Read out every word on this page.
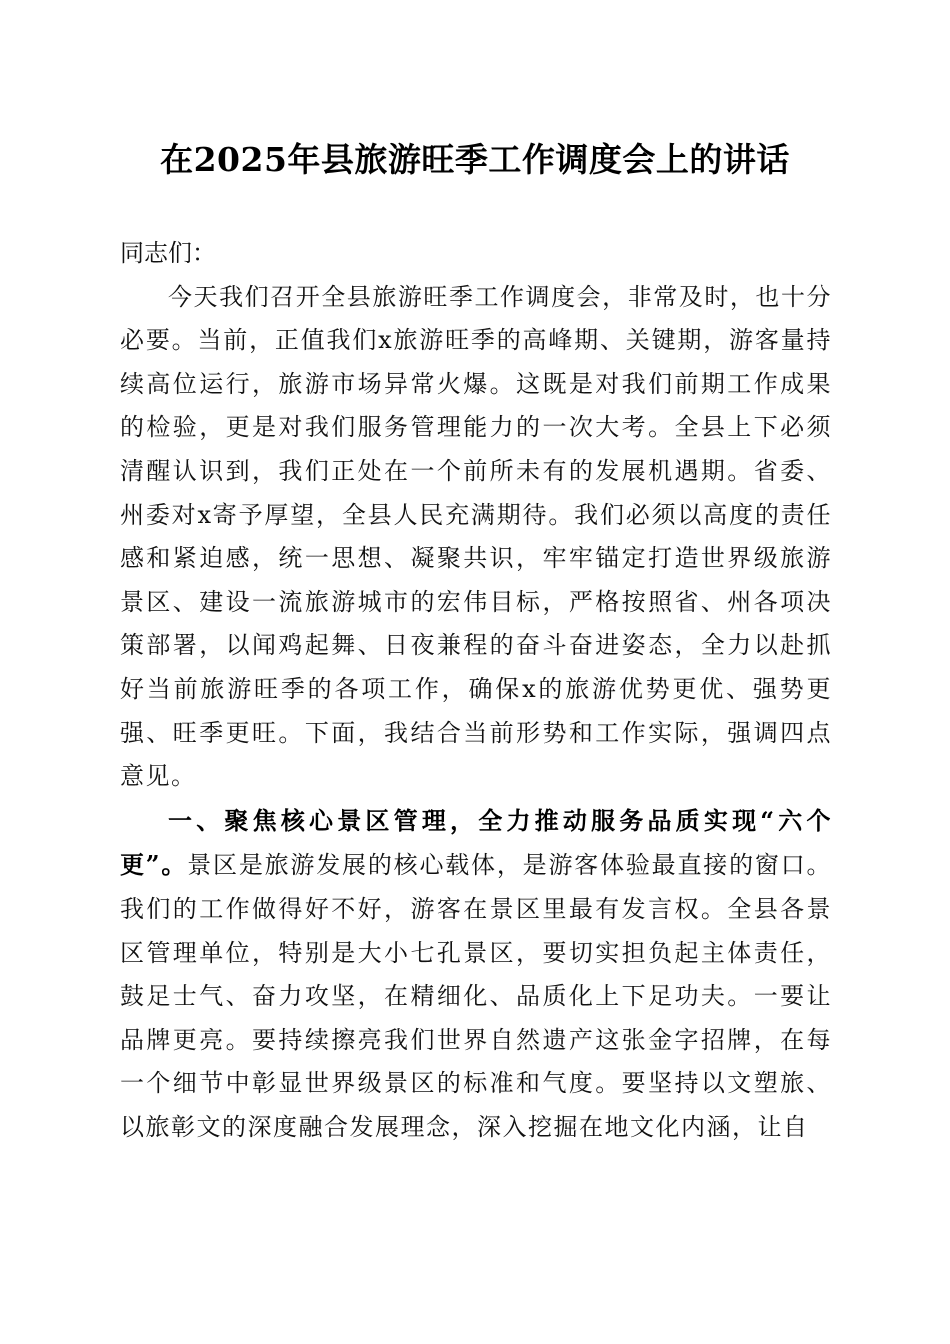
在2025年县旅游旺季工作调度会上的讲话

同志们：

今天我们召开全县旅游旺季工作调度会，非常及时，也十分必要。当前，正值我们x旅游旺季的高峰期、关键期，游客量持续高位运行，旅游市场异常火爆。这既是对我们前期工作成果的检验，更是对我们服务管理能力的一次大考。全县上下必须清醒认识到，我们正处在一个前所未有的发展机遇期。省委、州委对x寄予厚望，全县人民充满期待。我们必须以高度的责任感和紧迫感，统一思想、凝聚共识，牢牢锚定打造世界级旅游景区、建设一流旅游城市的宏伟目标，严格按照省、州各项决策部署，以闻鸡起舞、日夜兼程的奋斗奋进姿态，全力以赴抓好当前旅游旺季的各项工作，确保x的旅游优势更优、强势更强、旺季更旺。下面，我结合当前形势和工作实际，强调四点意见。

一、聚焦核心景区管理，全力推动服务品质实现“六个更”。景区是旅游发展的核心载体，是游客体验最直接的窗口。我们的工作做得好不好，游客在景区里最有发言权。全县各景区管理单位，特别是大小七孔景区，要切实担负起主体责任，鼓足士气、奋力攻坚，在精细化、品质化上下足功夫。一要让品牌更亮。要持续擦亮我们世界自然遗产这张金字招牌，在每一个细节中彰显世界级景区的标准和气度。要坚持以文塑旅、以旅彰文的深度融合发展理念，深入挖掘在地文化内涵，让自
